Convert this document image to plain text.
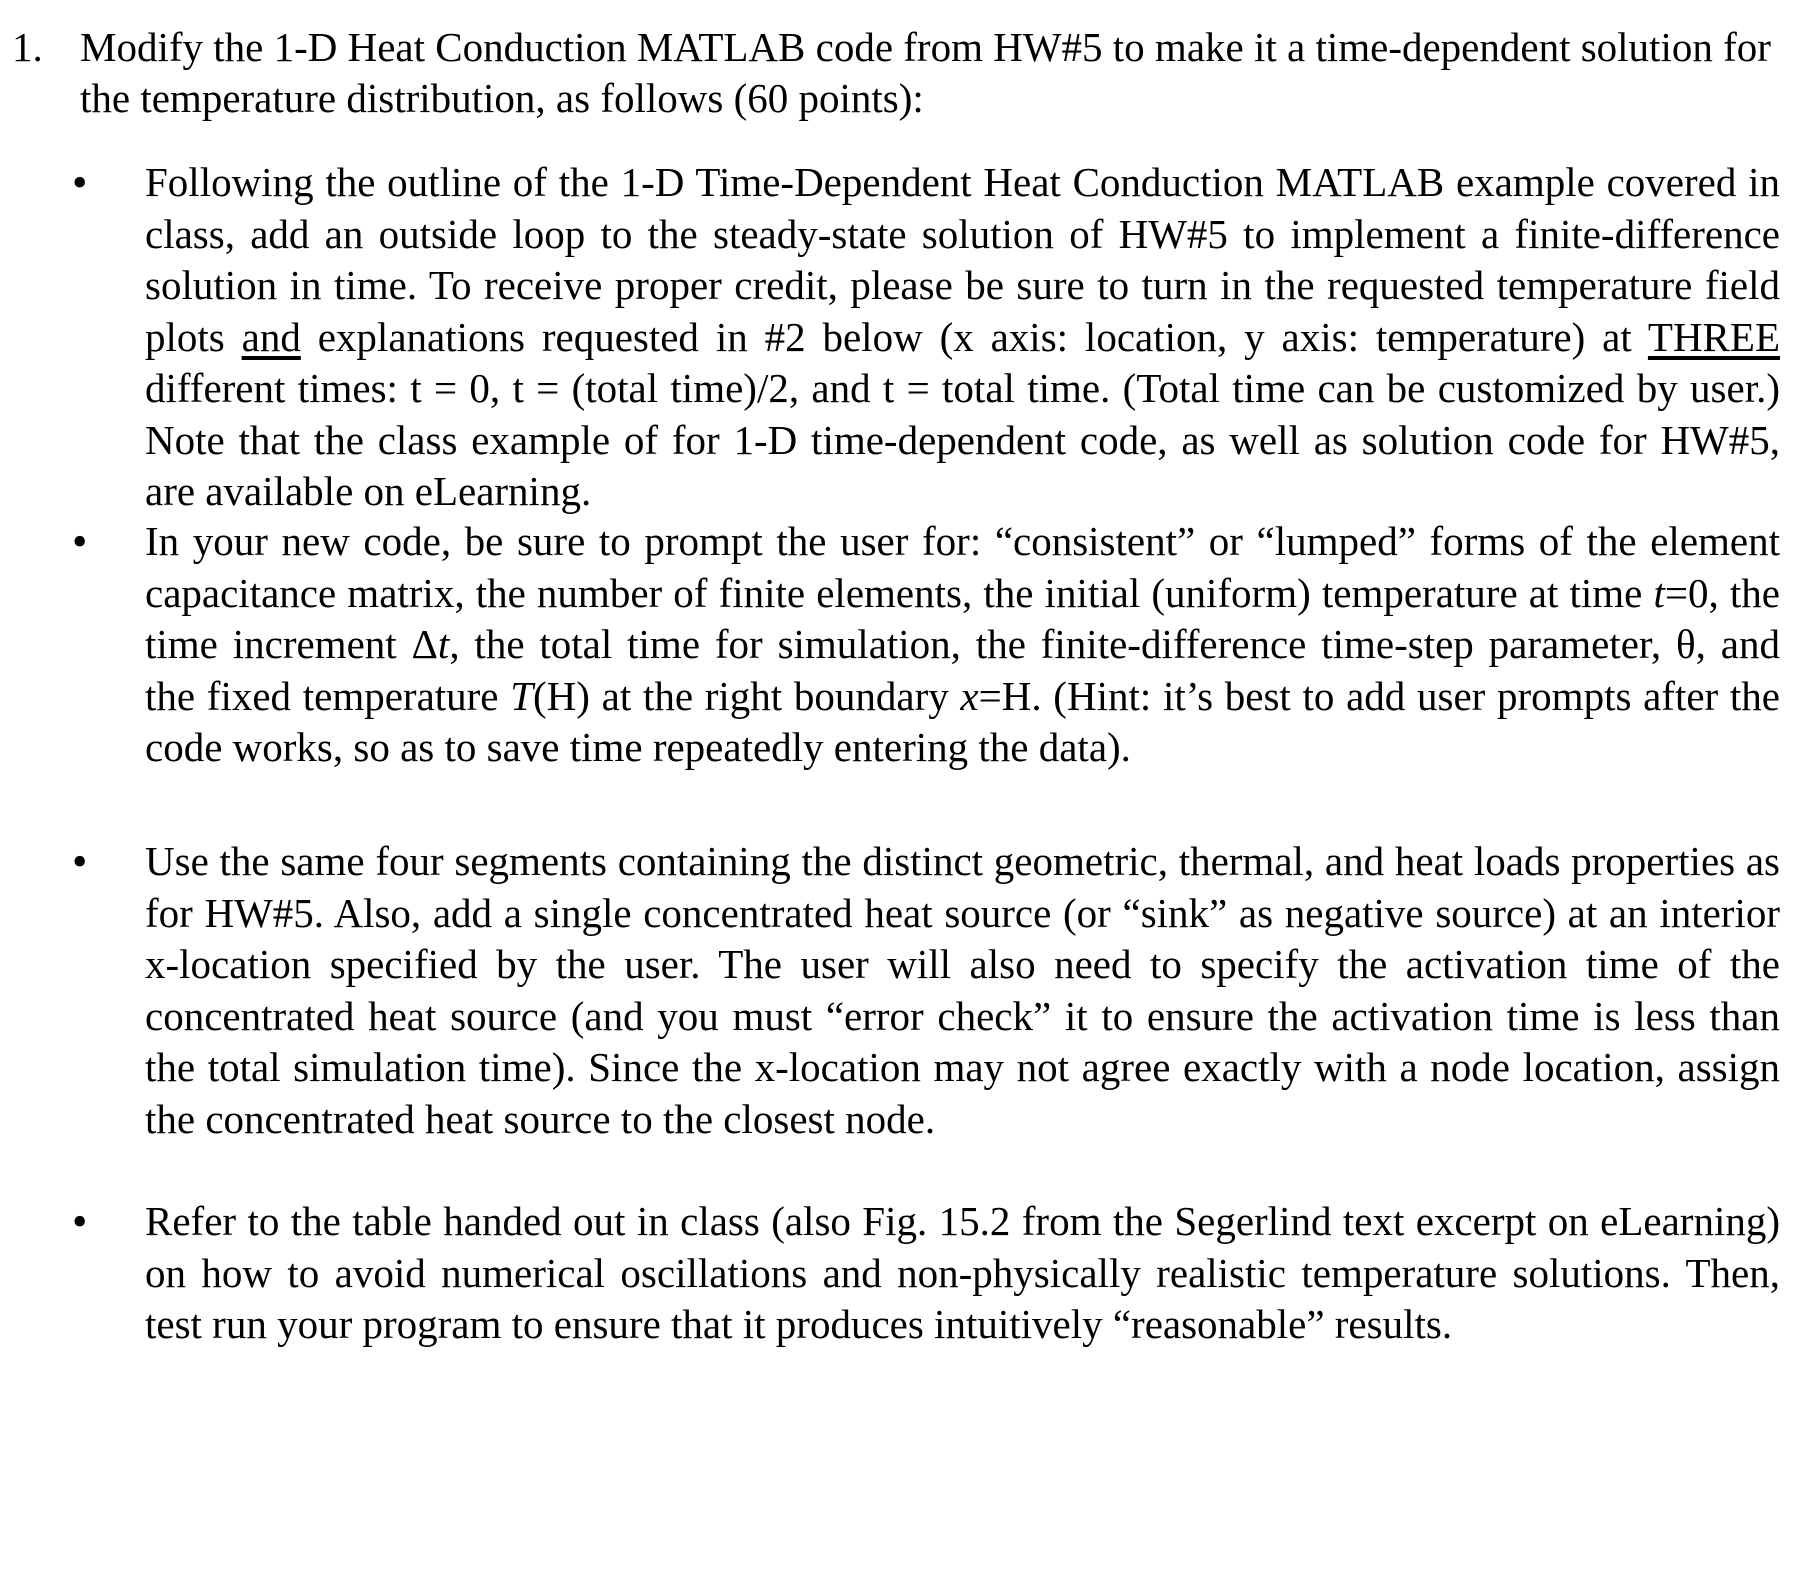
1. Modify the 1-D Heat Conduction MATLAB code from HW#5 to make it a time-dependent solution for the temperature distribution, as follows (60 points):
•	Following the outline of the 1-D Time-Dependent Heat Conduction MATLAB example covered in class, add an outside loop to the steady-state solution of HW#5 to implement a finite-difference solution in time. To receive proper credit, please be sure to turn in the requested temperature field plots and explanations requested in #2 below (x axis: location, y axis: temperature) at THREE different times: t = 0, t = (total time)/2, and t = total time. (Total time can be customized by user.) Note that the class example of for 1-D time-dependent code, as well as solution code for HW#5, are available on eLearning.
•	In your new code, be sure to prompt the user for: “consistent” or “lumped” forms of the element capacitance matrix, the number of finite elements, the initial (uniform) temperature at time t=0, the time increment Δt, the total time for simulation, the finite-difference time-step parameter, θ, and the fixed temperature T(H) at the right boundary x=H. (Hint: it’s best to add user prompts after the code works, so as to save time repeatedly entering the data).
•	Use the same four segments containing the distinct geometric, thermal, and heat loads properties as for HW#5. Also, add a single concentrated heat source (or “sink” as negative source) at an interior x-location specified by the user. The user will also need to specify the activation time of the concentrated heat source (and you must “error check” it to ensure the activation time is less than the total simulation time). Since the x-location may not agree exactly with a node location, assign the concentrated heat source to the closest node.
•	Refer to the table handed out in class (also Fig. 15.2 from the Segerlind text excerpt on eLearning) on how to avoid numerical oscillations and non-physically realistic temperature solutions. Then, test run your program to ensure that it produces intuitively “reasonable” results.
